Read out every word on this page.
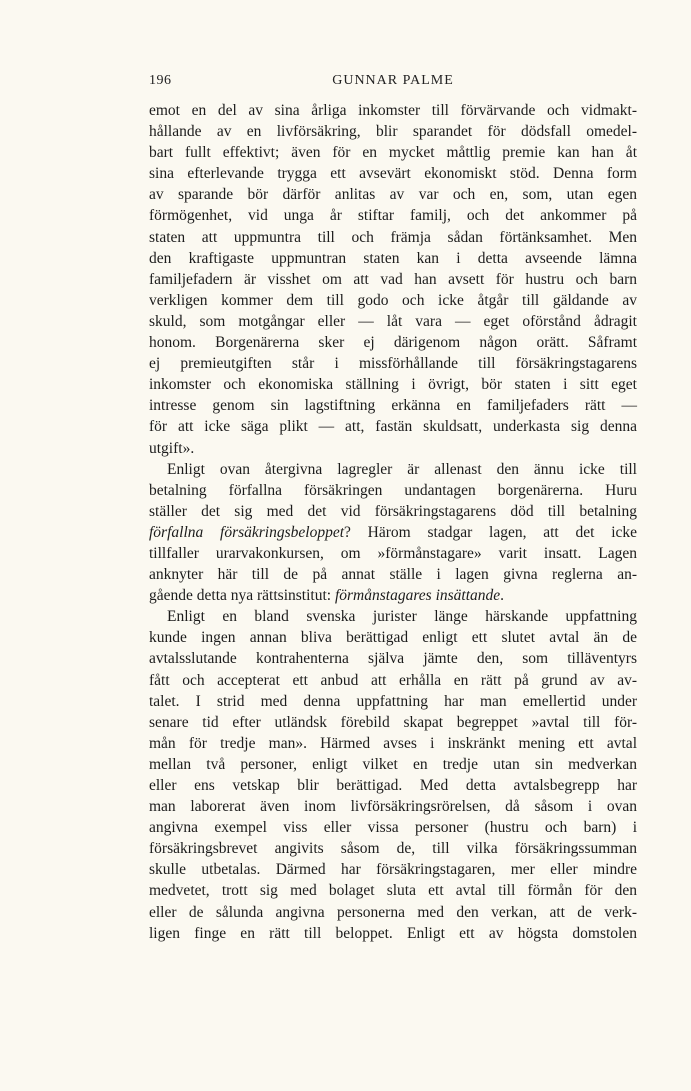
196	GUNNAR PALME
emot en del av sina årliga inkomster till förvärvande och vidmakt-
hållande av en livförsäkring, blir sparandet för dödsfall omedel-
bart fullt effektivt; även för en mycket måttlig premie kan han åt
sina efterlevande trygga ett avsevärt ekonomiskt stöd. Denna form
av sparande bör därför anlitas av var och en, som, utan egen
förmögenhet, vid unga år stiftar familj, och det ankommer på
staten att uppmuntra till och främja sådan förtänksamhet. Men
den kraftigaste uppmuntran staten kan i detta avseende lämna
familjefadern är visshet om att vad han avsett för hustru och barn
verkligen kommer dem till godo och icke åtgår till gäldande av
skuld, som motgångar eller — låt vara — eget oförstånd ådragit
honom. Borgenärerna sker ej därigenom någon orätt. Såframt
ej premieutgiften står i missförhållande till försäkringstagarens
inkomster och ekonomiska ställning i övrigt, bör staten i sitt eget
intresse genom sin lagstiftning erkänna en familjefaders rätt —
för att icke säga plikt — att, fastän skuldsatt, underkasta sig denna
utgift».
Enligt ovan återgivna lagregler är allenast den ännu icke till
betalning förfallna försäkringen undantagen borgenärerna. Huru
ställer det sig med det vid försäkringstagarens död till betalning
förfallna försäkringsbeloppet? Härom stadgar lagen, att det icke
tillfaller urarvakonkursen, om »förmånstagare» varit insatt. Lagen
anknyter här till de på annat ställe i lagen givna reglerna an-
gående detta nya rättsinstitut: förmånstagares insättande.
Enligt en bland svenska jurister länge härskande uppfattning
kunde ingen annan bliva berättigad enligt ett slutet avtal än de
avtalsslutande kontrahenterna själva jämte den, som tilläventyrs
fått och accepterat ett anbud att erhålla en rätt på grund av av-
talet. I strid med denna uppfattning har man emellertid under
senare tid efter utländsk förebild skapat begreppet »avtal till för-
mån för tredje man». Härmed avses i inskränkt mening ett avtal
mellan två personer, enligt vilket en tredje utan sin medverkan
eller ens vetskap blir berättigad. Med detta avtalsbegrepp har
man laborerat även inom livförsäkringsrörelsen, då såsom i ovan
angivna exempel viss eller vissa personer (hustru och barn) i
försäkringsbrevet angivits såsom de, till vilka försäkringssumman
skulle utbetalas. Därmed har försäkringstagaren, mer eller mindre
medvetet, trott sig med bolaget sluta ett avtal till förmån för den
eller de sålunda angivna personerna med den verkan, att de verk-
ligen finge en rätt till beloppet. Enligt ett av högsta domstolen
